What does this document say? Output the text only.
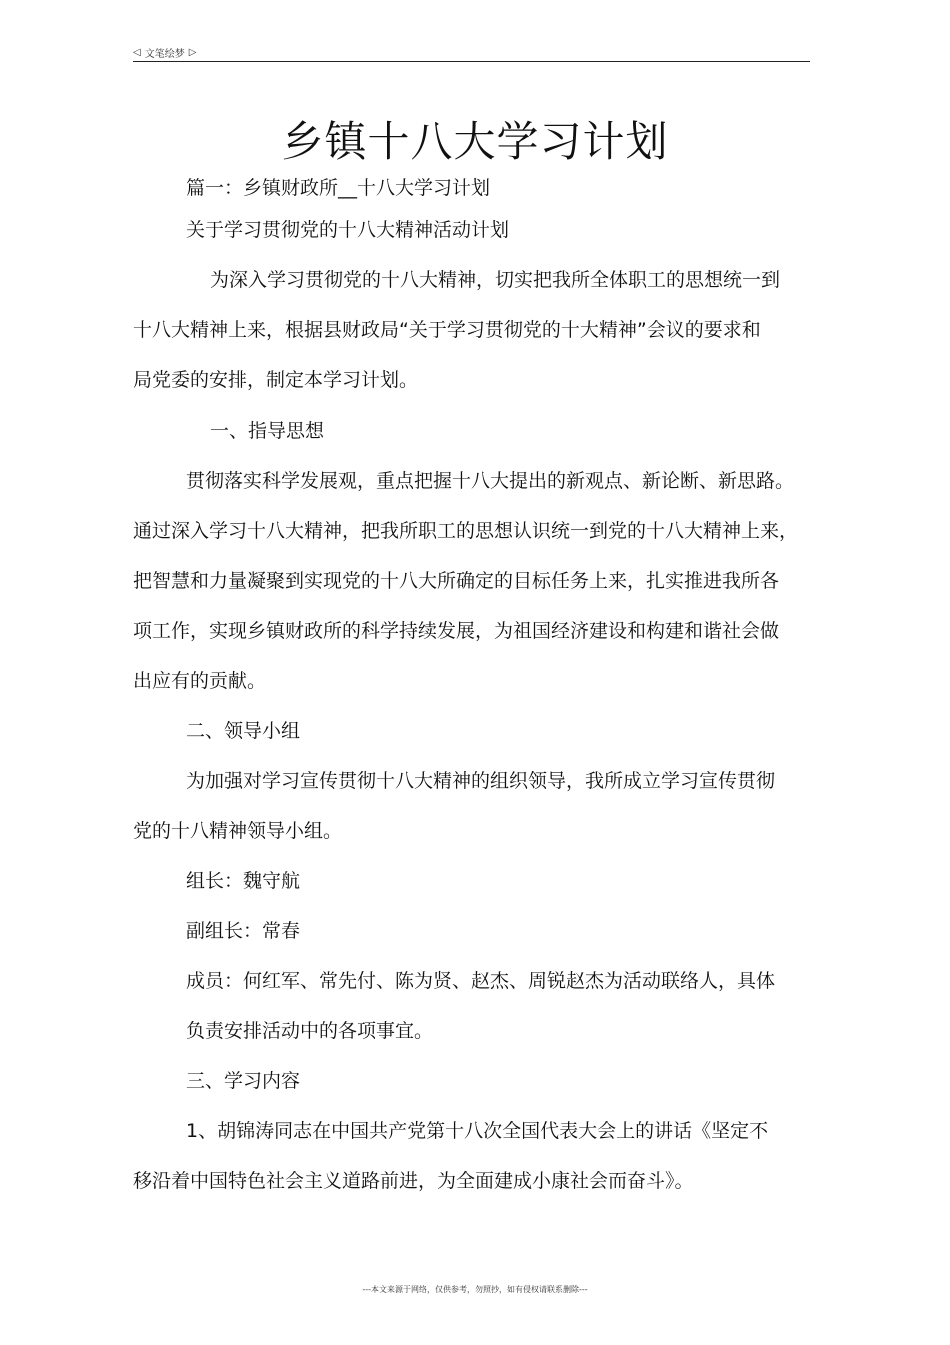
◁ 文笔绘梦 ▷
乡镇十八大学习计划
篇一：乡镇财政所__十八大学习计划
关于学习贯彻党的十八大精神活动计划
为深入学习贯彻党的十八大精神，切实把我所全体职工的思想统一到
十八大精神上来，根据县财政局“关于学习贯彻党的十大精神”会议的要求和
局党委的安排，制定本学习计划。
一、指导思想
贯彻落实科学发展观，重点把握十八大提出的新观点、新论断、新思路。
通过深入学习十八大精神，把我所职工的思想认识统一到党的十八大精神上来，
把智慧和力量凝聚到实现党的十八大所确定的目标任务上来，扎实推进我所各
项工作，实现乡镇财政所的科学持续发展，为祖国经济建设和构建和谐社会做
出应有的贡献。
二、领导小组
为加强对学习宣传贯彻十八大精神的组织领导，我所成立学习宣传贯彻
党的十八精神领导小组。
组长：魏守航
副组长：常春
成员：何红军、常先付、陈为贤、赵杰、周锐赵杰为活动联络人，具体
负责安排活动中的各项事宜。
三、学习内容
1、胡锦涛同志在中国共产党第十八次全国代表大会上的讲话《坚定不
移沿着中国特色社会主义道路前进，为全面建成小康社会而奋斗》。
---本文来源于网络，仅供参考，勿照抄，如有侵权请联系删除---
